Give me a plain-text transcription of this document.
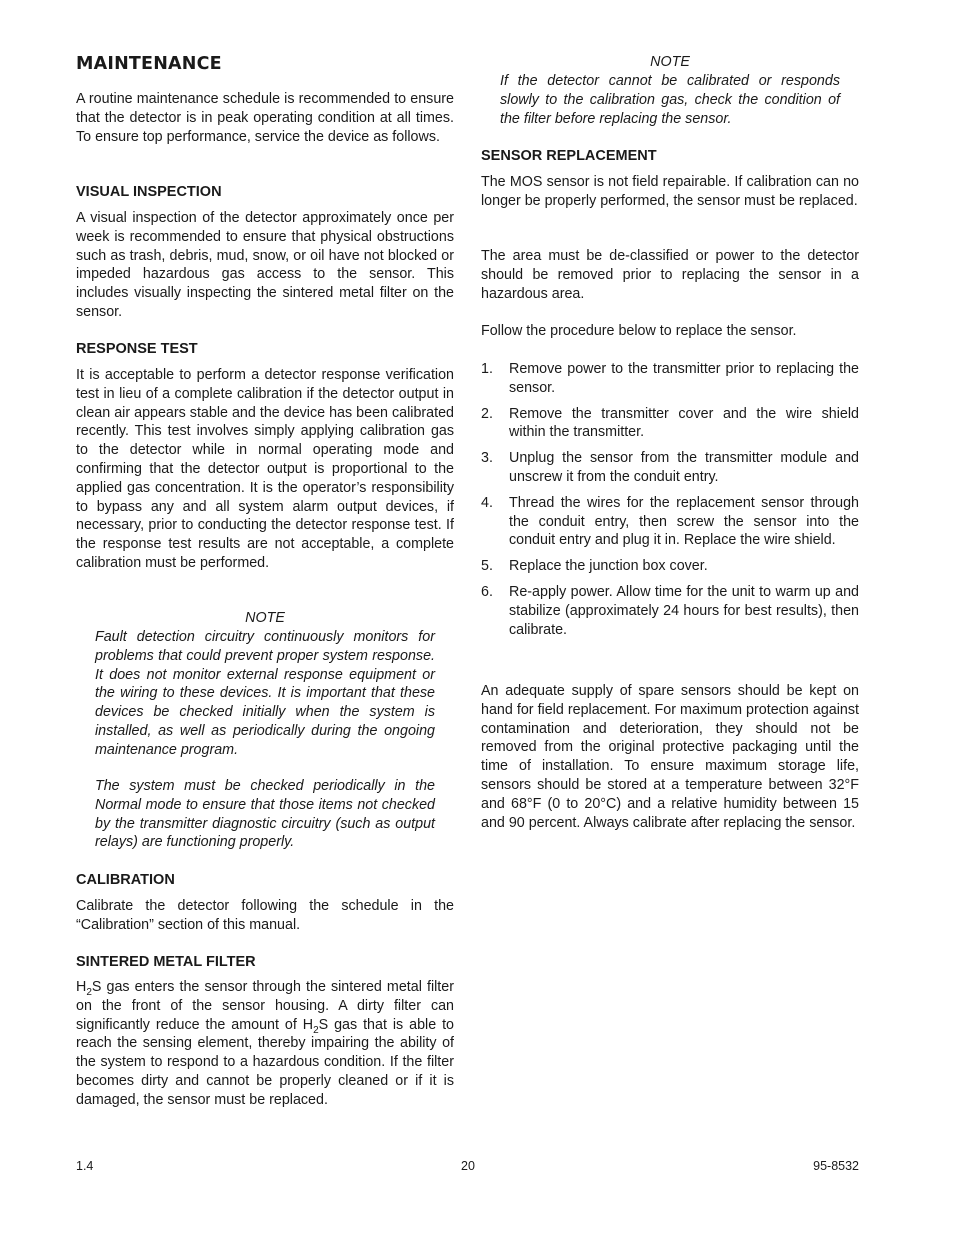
MAINTENANCE

A routine maintenance schedule is recommended to ensure that the detector is in peak operating condition at all times. To ensure top performance, service the device as follows.

VISUAL INSPECTION

A visual inspection of the detector approximately once per week is recommended to ensure that physical obstructions such as trash, debris, mud, snow, or oil have not blocked or impeded hazardous gas access to the sensor. This includes visually inspecting the sintered metal filter on the sensor.

RESPONSE TEST

It is acceptable to perform a detector response verification test in lieu of a complete calibration if the detector output in clean air appears stable and the device has been calibrated recently. This test involves simply applying calibration gas to the detector while in normal operating mode and confirming that the detector output is proportional to the applied gas concentration. It is the operator’s responsibility to bypass any and all system alarm output devices, if necessary, prior to conducting the detector response test. If the response test results are not acceptable, a complete calibration must be performed.

NOTE

Fault detection circuitry continuously monitors for problems that could prevent proper system response. It does not monitor external response equipment or the wiring to these devices. It is important that these devices be checked initially when the system is installed, as well as periodically during the ongoing maintenance program.

The system must be checked periodically in the Normal mode to ensure that those items not checked by the transmitter diagnostic circuitry (such as output relays) are functioning properly.

CALIBRATION

Calibrate the detector following the schedule in the “Calibration” section of this manual.

SINTERED METAL FILTER

$H_2S$ gas enters the sensor through the sintered metal filter on the front of the sensor housing. A dirty filter can significantly reduce the amount of $H_2S$ gas that is able to reach the sensing element, thereby impairing the ability of the system to respond to a hazardous condition. If the filter becomes dirty and cannot be properly cleaned or if it is damaged, the sensor must be replaced.

NOTE

If the detector cannot be calibrated or responds slowly to the calibration gas, check the condition of the filter before replacing the sensor.

SENSOR REPLACEMENT

The MOS sensor is not field repairable. If calibration can no longer be properly performed, the sensor must be replaced.

The area must be de-classified or power to the detector should be removed prior to replacing the sensor in a hazardous area.

Follow the procedure below to replace the sensor.

1. Remove power to the transmitter prior to replacing the sensor.
2. Remove the transmitter cover and the wire shield within the transmitter.
3. Unplug the sensor from the transmitter module and unscrew it from the conduit entry.
4. Thread the wires for the replacement sensor through the conduit entry, then screw the sensor into the conduit entry and plug it in. Replace the wire shield.
5. Replace the junction box cover.
6. Re-apply power. Allow time for the unit to warm up and stabilize (approximately 24 hours for best results), then calibrate.

An adequate supply of spare sensors should be kept on hand for field replacement. For maximum protection against contamination and deterioration, they should not be removed from the original protective packaging until the time of installation. To ensure maximum storage life, sensors should be stored at a temperature between 32°F and 68°F (0 to 20°C) and a relative humidity between 15 and 90 percent. Always calibrate after replacing the sensor.

1.4	20	95-8532
